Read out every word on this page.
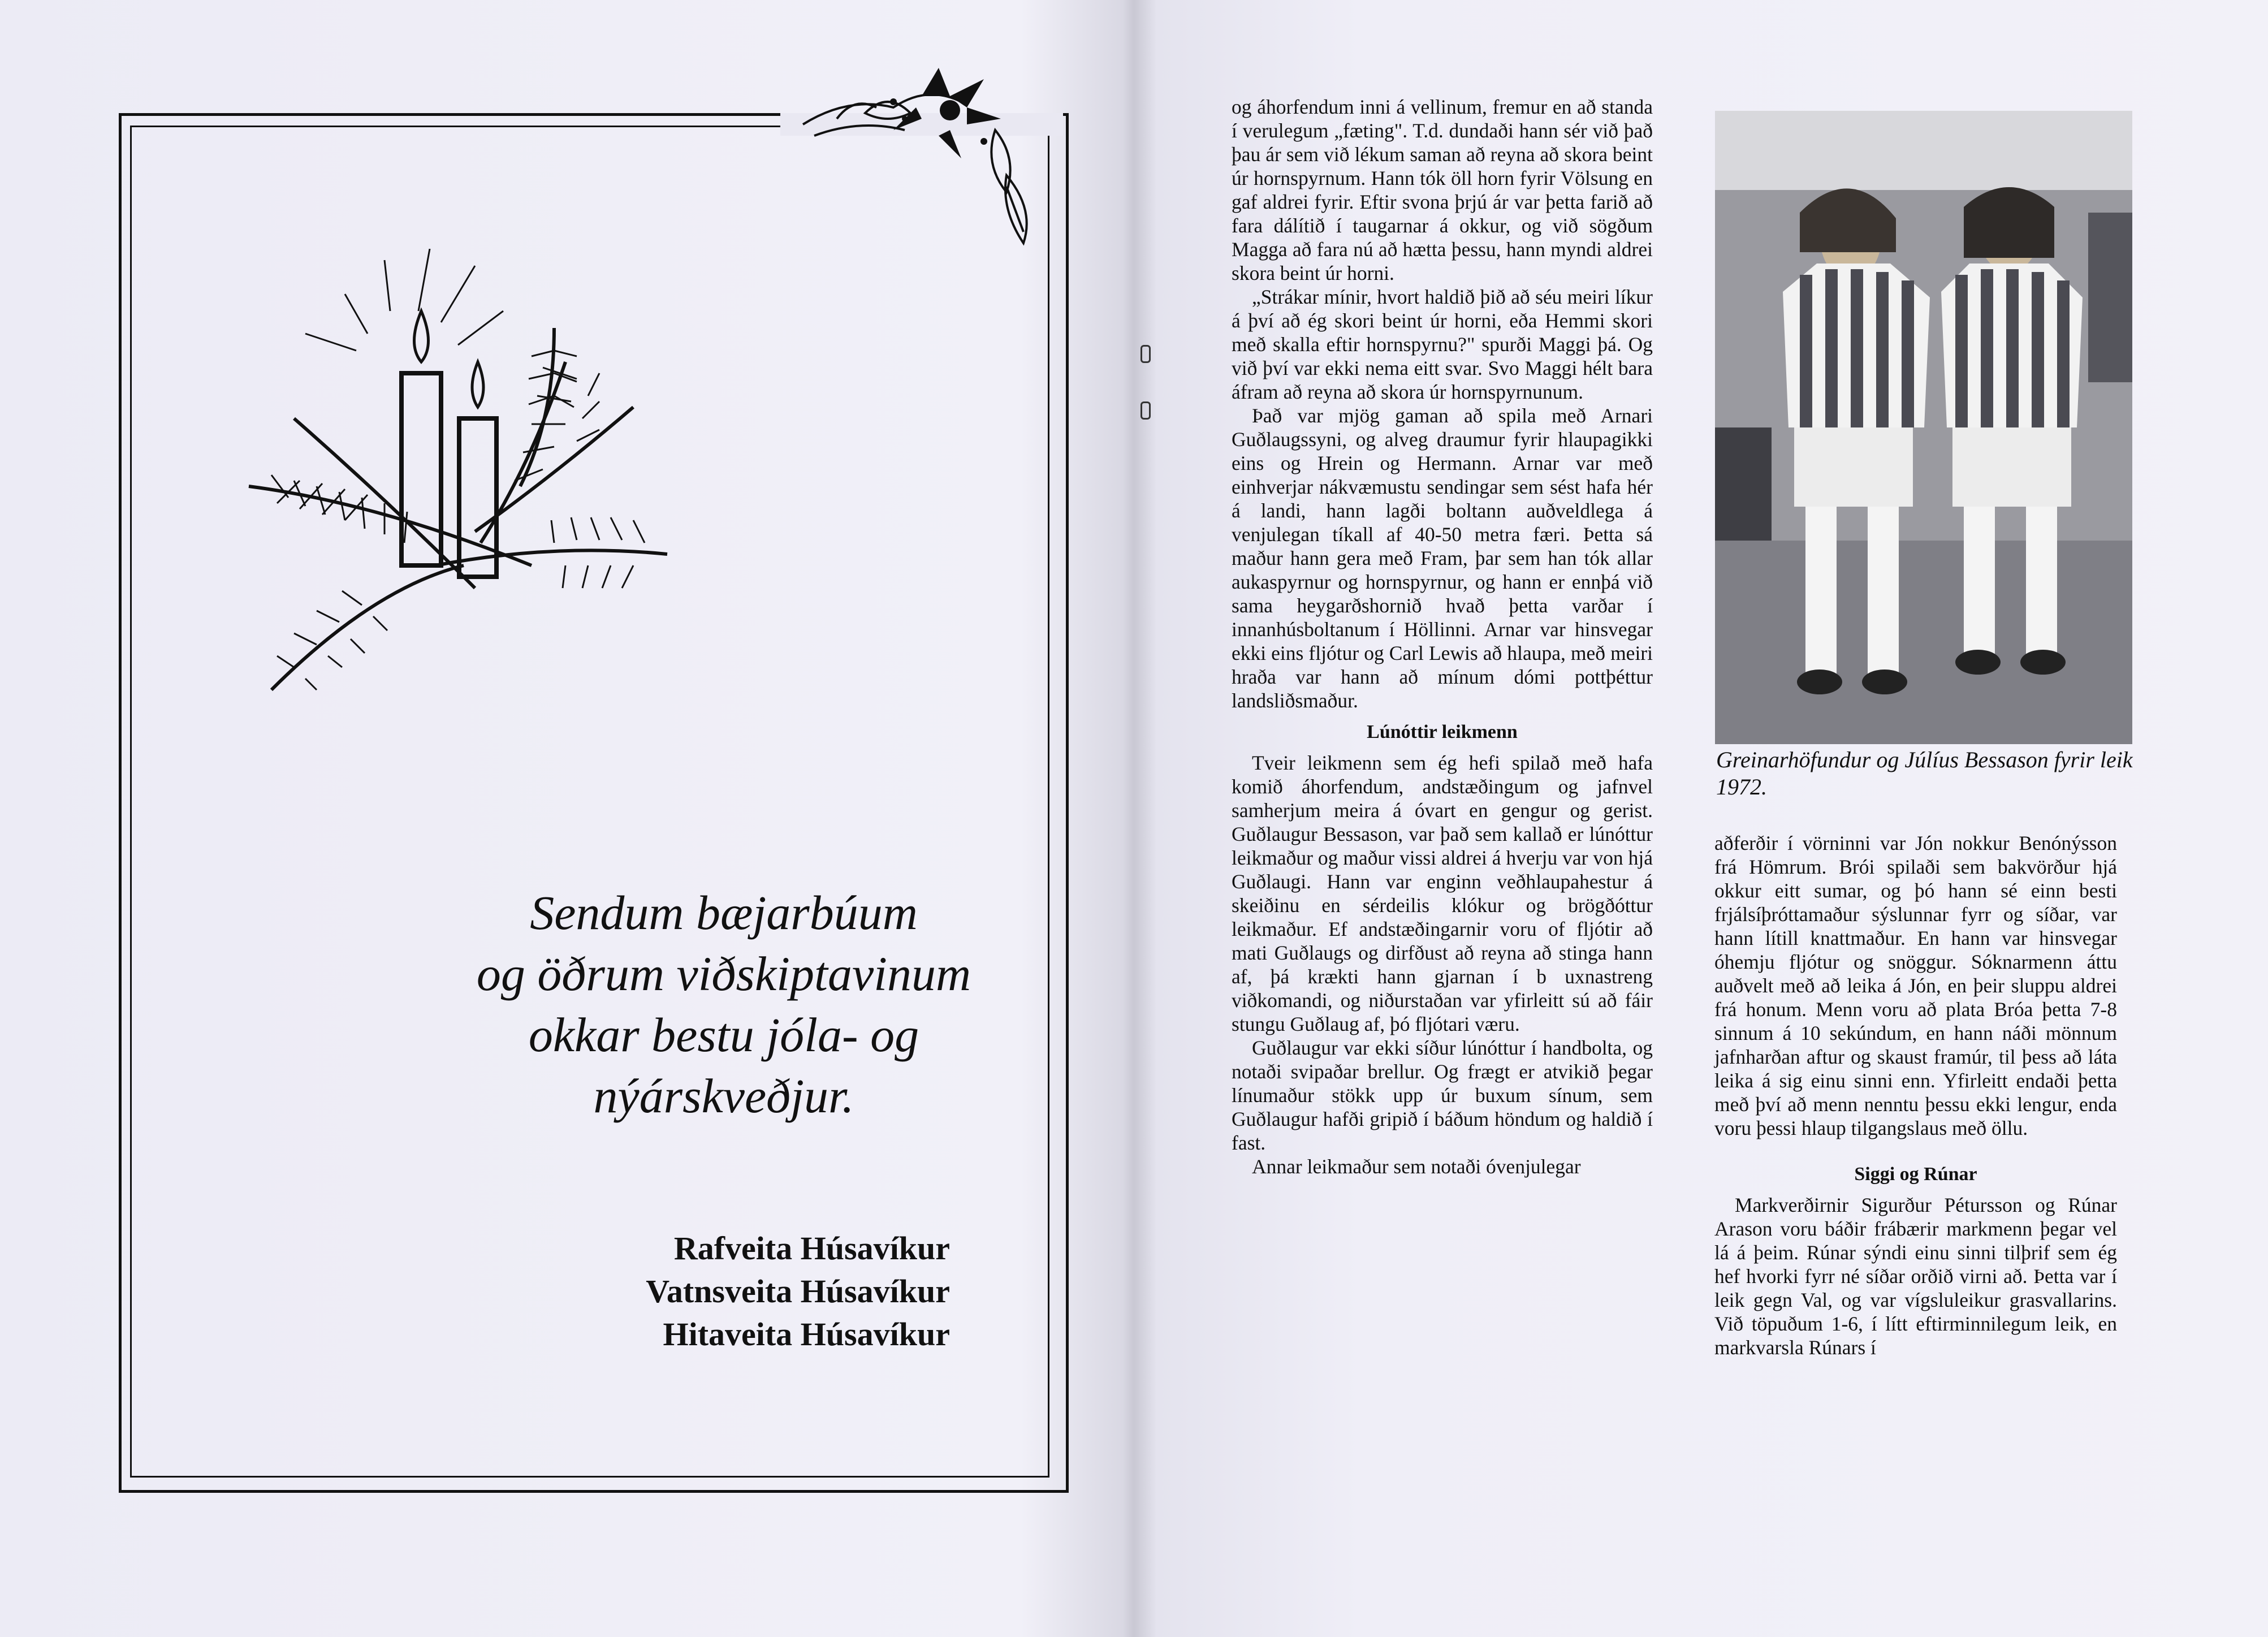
Sendum bæjarbúum
og öðrum viðskiptavinum
okkar bestu jóla- og
nýárskveðjur.
Rafveita Húsavíkur
Vatnsveita Húsavíkur
Hitaveita Húsavíkur

og áhorfendum inni á vellinum, fremur en að standa í verulegum „fæting". T.d. dundaði hann sér við það þau ár sem við lékum saman að reyna að skora beint úr hornspyrnum. Hann tók öll horn fyrir Völsung en gaf aldrei fyrir. Eftir svona þrjú ár var þetta farið að fara dálítið í taugarnar á okkur, og við sögðum Magga að fara nú að hætta þessu, hann myndi aldrei skora beint úr horni.

„Strákar mínir, hvort haldið þið að séu meiri líkur á því að ég skori beint úr horni, eða Hemmi skori með skalla eftir hornspyrnu?" spurði Maggi þá. Og við því var ekki nema eitt svar. Svo Maggi hélt bara áfram að reyna að skora úr hornspyrnunum.

Það var mjög gaman að spila með Arnari Guðlaugssyni, og alveg draumur fyrir hlaupagikki eins og Hrein og Hermann. Arnar var með einhverjar nákvæmustu sendingar sem sést hafa hér á landi, hann lagði boltann auðveldlega á venjulegan tíkall af 40-50 metra færi. Þetta sá maður hann gera með Fram, þar sem han tók allar aukaspyrnur og hornspyrnur, og hann er ennþá við sama heygarðshornið hvað þetta varðar í innanhúsboltanum í Höllinni. Arnar var hinsvegar ekki eins fljótur og Carl Lewis að hlaupa, með meiri hraða var hann að mínum dómi pottþéttur landsliðsmaður.

Lúnóttir leikmenn

Tveir leikmenn sem ég hefi spilað með hafa komið áhorfendum, andstæðingum og jafnvel samherjum meira á óvart en gengur og gerist. Guðlaugur Bessason, var það sem kallað er lúnóttur leikmaður og maður vissi aldrei á hverju var von hjá Guðlaugi. Hann var enginn veðhlaupahestur á skeiðinu en sérdeilis klókur og brögðóttur leikmaður. Ef andstæðingarnir voru of fljótir að mati Guðlaugs og dirfðust að reyna að stinga hann af, þá krækti hann gjarnan í b uxnastreng viðkomandi, og niðurstaðan var yfirleitt sú að fáir stungu Guðlaug af, þó fljótari væru.

Guðlaugur var ekki síður lúnóttur í handbolta, og notaði svipaðar brellur. Og frægt er atvikið þegar línumaður stökk upp úr buxum sínum, sem Guðlaugur hafði gripið í báðum höndum og haldið í fast.

Annar leikmaður sem notaði óvenjulegar

Greinarhöfundur og Júlíus Bessason fyrir leik 1972.

aðferðir í vörninni var Jón nokkur Benónýsson frá Hömrum. Brói spilaði sem bakvörður hjá okkur eitt sumar, og þó hann sé einn besti frjálsíþróttamaður sýslunnar fyrr og síðar, var hann lítill knattmaður. En hann var hinsvegar óhemju fljótur og snöggur. Sóknarmenn áttu auðvelt með að leika á Jón, en þeir sluppu aldrei frá honum. Menn voru að plata Bróa þetta 7-8 sinnum á 10 sekúndum, en hann náði mönnum jafnharðan aftur og skaust framúr, til þess að láta leika á sig einu sinni enn. Yfirleitt endaði þetta með því að menn nenntu þessu ekki lengur, enda voru þessi hlaup tilgangslaus með öllu.

Siggi og Rúnar

Markverðirnir Sigurður Pétursson og Rúnar Arason voru báðir frábærir markmenn þegar vel lá á þeim. Rúnar sýndi einu sinni tilþrif sem ég hef hvorki fyrr né síðar orðið virni að. Þetta var í leik gegn Val, og var vígsluleikur grasvallarins. Við töpuðum 1-6, í lítt eftirminnilegum leik, en markvarsla Rúnars í
